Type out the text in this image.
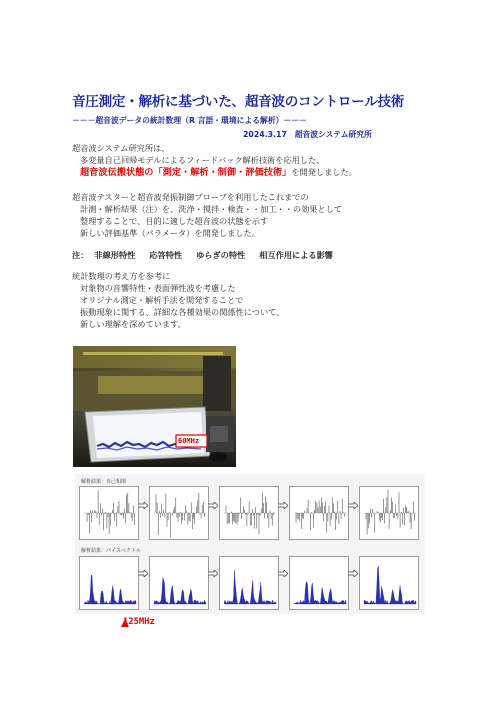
音圧測定・解析に基づいた、超音波のコントロール技術
－－－超音波データの統計数理（R 言語・環境による解析）－－－
2024.3.17　超音波システム研究所
超音波システム研究所は、
多変量自己回帰モデルによるフィードバック解析技術を応用した、
超音波伝搬状態の「測定・解析・制御・評価技術」を開発しました。
超音波テスターと超音波発振制御プローブを利用したこれまでの
計測・解析結果（注）を、洗浄・撹拌・検査・・加工・・の効果として
整理することで、目的に適した超音波の状態を示す
新しい評価基準（パラメータ）を開発しました。
注： 非線形特性 応答特性 ゆらぎの特性 相互作用による影響
統計数理の考え方を参考に
対象物の音響特性・表面弾性波を考慮した
オリジナル測定・解析手法を開発することで
振動現象に関する、詳細な各種効果の関係性について、
新しい理解を深めています。
60MHz
解析結果：自己相関
解析結果：パイスペクトル
125MHz
